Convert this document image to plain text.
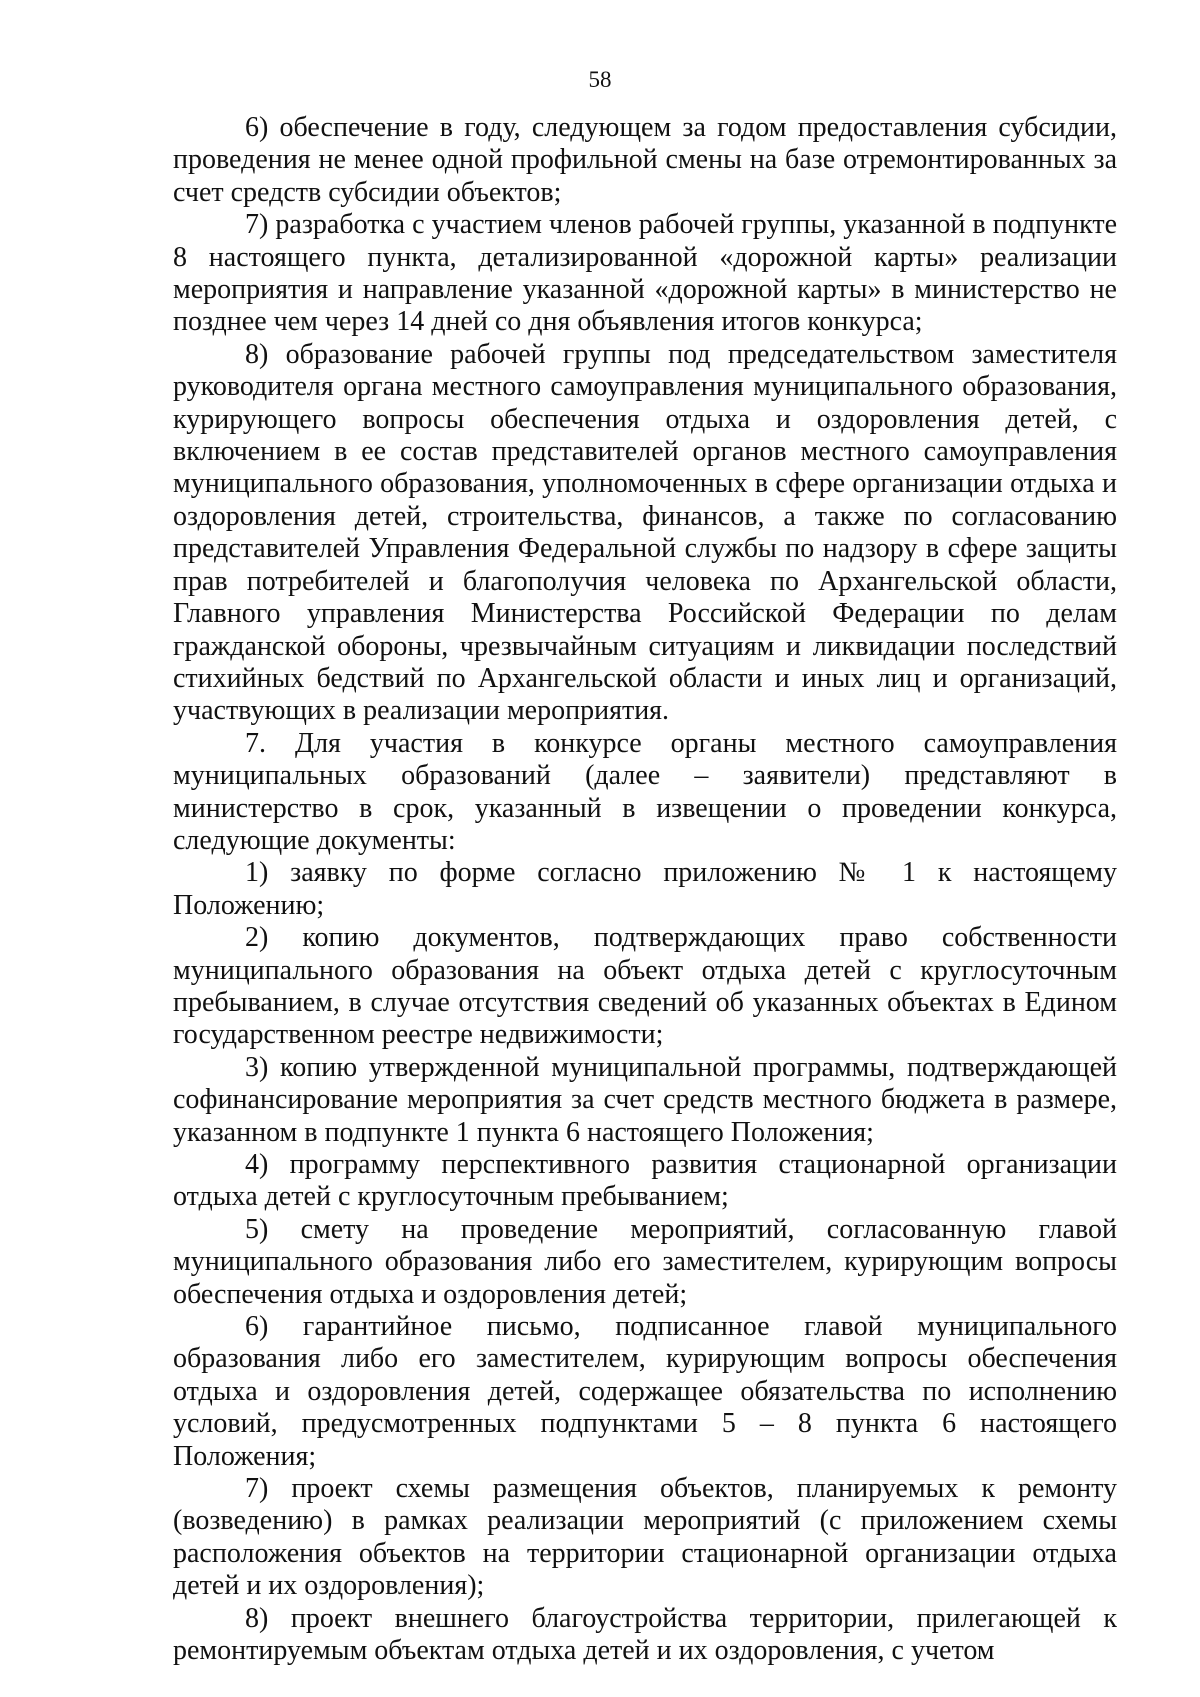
58

6) обеспечение в году, следующем за годом предоставления субсидии, проведения не менее одной профильной смены на базе отремонтированных за счет средств субсидии объектов;

7) разработка с участием членов рабочей группы, указанной в подпункте 8 настоящего пункта, детализированной «дорожной карты» реализации мероприятия и направление указанной «дорожной карты» в министерство не позднее чем через 14 дней со дня объявления итогов конкурса;

8) образование рабочей группы под председательством заместителя руководителя органа местного самоуправления муниципального образования, курирующего вопросы обеспечения отдыха и оздоровления детей, с включением в ее состав представителей органов местного самоуправления муниципального образования, уполномоченных в сфере организации отдыха и оздоровления детей, строительства, финансов, а также по согласованию представителей Управления Федеральной службы по надзору в сфере защиты прав потребителей и благополучия человека по Архангельской области, Главного управления Министерства Российской Федерации по делам гражданской обороны, чрезвычайным ситуациям и ликвидации последствий стихийных бедствий по Архангельской области и иных лиц и организаций, участвующих в реализации мероприятия.

7. Для участия в конкурсе органы местного самоуправления муниципальных образований (далее – заявители) представляют в министерство в срок, указанный в извещении о проведении конкурса, следующие документы:

1) заявку по форме согласно приложению № 1 к настоящему Положению;

2) копию документов, подтверждающих право собственности муниципального образования на объект отдыха детей с круглосуточным пребыванием, в случае отсутствия сведений об указанных объектах в Едином государственном реестре недвижимости;

3) копию утвержденной муниципальной программы, подтверждающей софинансирование мероприятия за счет средств местного бюджета в размере, указанном в подпункте 1 пункта 6 настоящего Положения;

4) программу перспективного развития стационарной организации отдыха детей с круглосуточным пребыванием;

5) смету на проведение мероприятий, согласованную главой муниципального образования либо его заместителем, курирующим вопросы обеспечения отдыха и оздоровления детей;

6) гарантийное письмо, подписанное главой муниципального образования либо его заместителем, курирующим вопросы обеспечения отдыха и оздоровления детей, содержащее обязательства по исполнению условий, предусмотренных подпунктами 5 – 8 пункта 6 настоящего Положения;

7) проект схемы размещения объектов, планируемых к ремонту (возведению) в рамках реализации мероприятий (с приложением схемы расположения объектов на территории стационарной организации отдыха детей и их оздоровления);

8) проект внешнего благоустройства территории, прилегающей к ремонтируемым объектам отдыха детей и их оздоровления, с учетом
